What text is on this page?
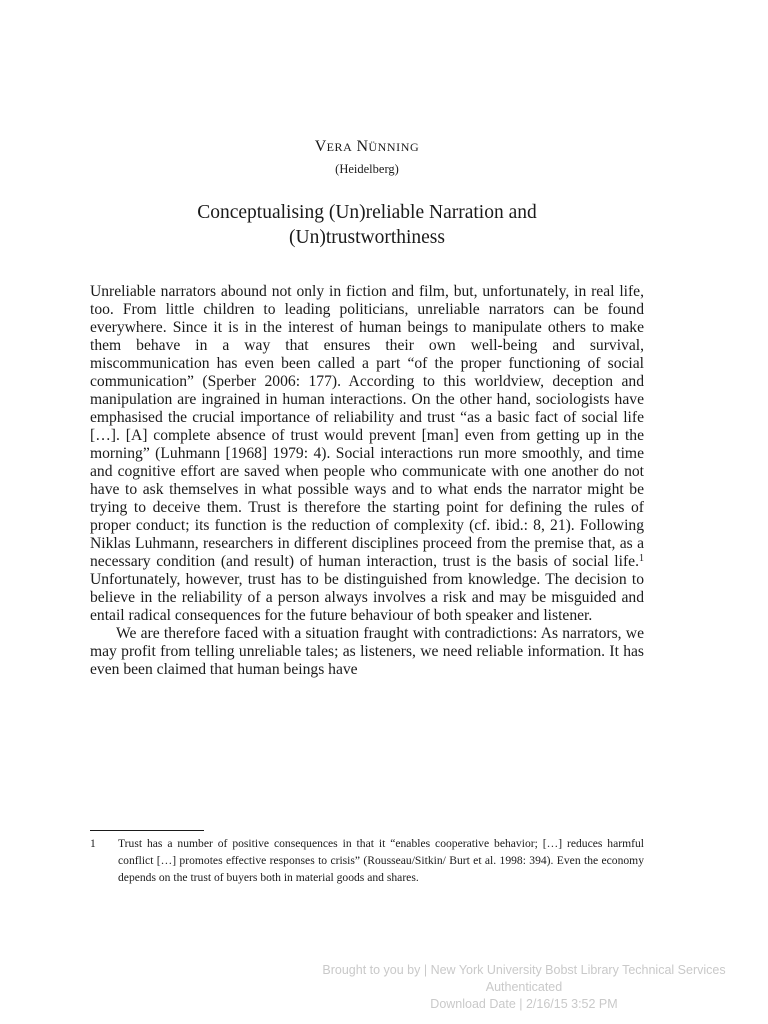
VERA NÜNNING
(Heidelberg)
Conceptualising (Un)reliable Narration and
(Un)trustworthiness

Unreliable narrators abound not only in fiction and film, but, unfortunately, in real life, too. From little children to leading politicians, unreliable narrators can be found everywhere. Since it is in the interest of human beings to manipulate others to make them behave in a way that ensures their own well-being and survival, miscommunication has even been called a part “of the proper functioning of social communication” (Sperber 2006: 177). According to this worldview, deception and manipulation are ingrained in human interactions. On the other hand, sociologists have emphasised the crucial importance of reliability and trust “as a basic fact of social life […]. [A] complete absence of trust would prevent [man] even from getting up in the morning” (Luhmann [1968] 1979: 4). Social interactions run more smoothly, and time and cognitive effort are saved when people who communicate with one another do not have to ask themselves in what possible ways and to what ends the narrator might be trying to deceive them. Trust is therefore the starting point for defining the rules of proper conduct; its function is the reduction of complexity (cf. ibid.: 8, 21). Following Niklas Luhmann, researchers in different disciplines proceed from the premise that, as a necessary condition (and result) of human interaction, trust is the basis of social life.$^1$ Unfortunately, however, trust has to be distinguished from knowledge. The decision to believe in the reliability of a person always involves a risk and may be misguided and entail radical consequences for the future behaviour of both speaker and listener.

We are therefore faced with a situation fraught with contradictions: As narrators, we may profit from telling unreliable tales; as listeners, we need reliable information. It has even been claimed that human beings have

1 Trust has a number of positive consequences in that it “enables cooperative behavior; […] reduces harmful conflict […] promotes effective responses to crisis” (Rousseau/Sitkin/ Burt et al. 1998: 394). Even the economy depends on the trust of buyers both in material goods and shares.
Brought to you by | New York University Bobst Library Technical Services
Authenticated
Download Date | 2/16/15 3:52 PM
